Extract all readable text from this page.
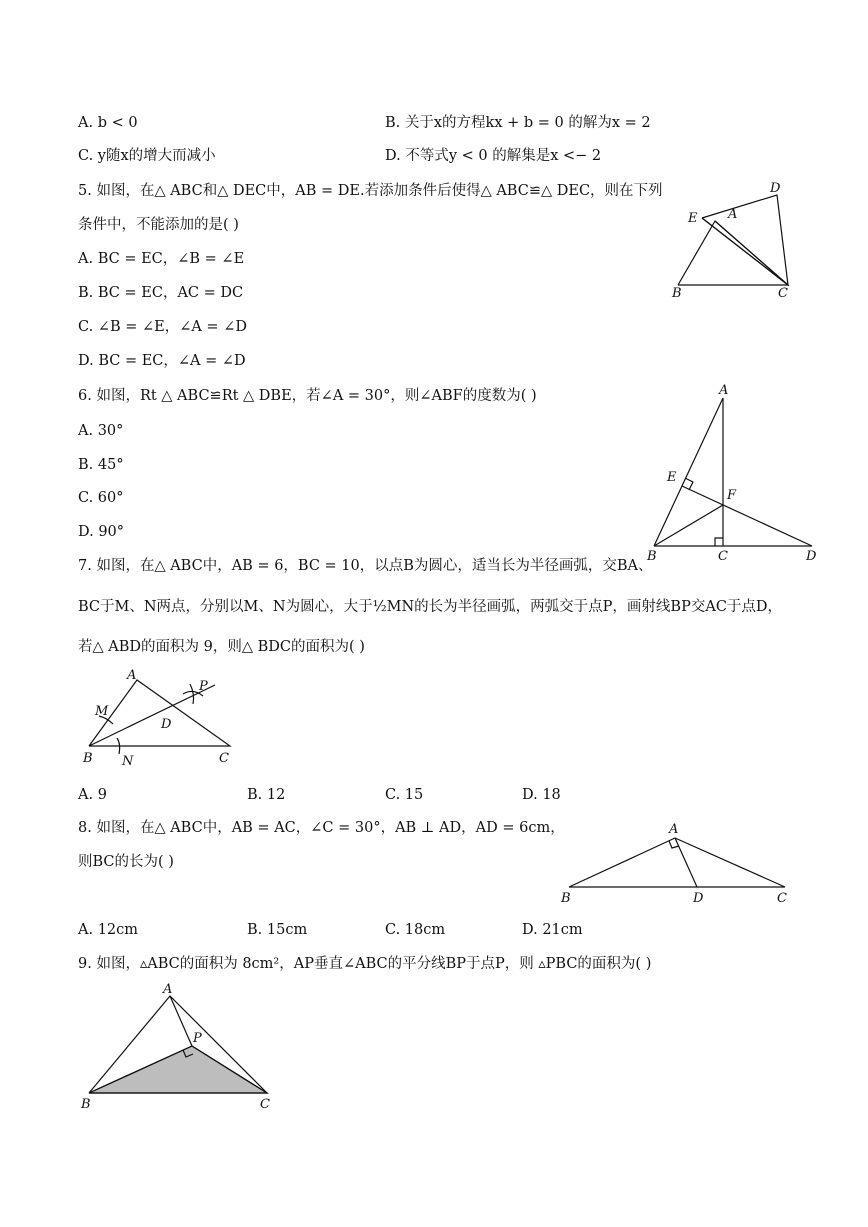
A. b < 0	B. 关于x的方程kx + b = 0 的解为x = 2
C. y随x的增大而减小	D. 不等式y < 0 的解集是x <− 2
5. 如图，在△ ABC和△ DEC中，AB = DE.若添加条件后使得△ ABC≌△ DEC，则在下列
条件中，不能添加的是( )
A. BC = EC，∠B = ∠E
B. BC = EC，AC = DC
C. ∠B = ∠E，∠A = ∠D
D. BC = EC，∠A = ∠D
D
E A
B	C
6. 如图，Rt △ ABC≌Rt △ DBE，若∠A = 30°，则∠ABF的度数为( )
A. 30°
B. 45°
C. 60°
D. 90°
A
E
F
B	C	D
7. 如图，在△ ABC中，AB = 6，BC = 10，以点B为圆心，适当长为半径画弧，交BA、
BC于M、N两点，分别以M、N为圆心，大于½MN的长为半径画弧，两弧交于点P，画射线BP交AC于点D，
若△ ABD的面积为 9，则△ BDC的面积为( )
A
P
M
D
B N	C
A. 9	B. 12	C. 15	D. 18
8. 如图，在△ ABC中，AB = AC，∠C = 30°，AB ⊥ AD，AD = 6cm，
则BC的长为( )
A
B	D	C
A. 12cm	B. 15cm	C. 18cm	D. 21cm
9. 如图，▵ABC的面积为 8cm²，AP垂直∠ABC的平分线BP于点P，则 ▵PBC的面积为( )
A
P
B	C
